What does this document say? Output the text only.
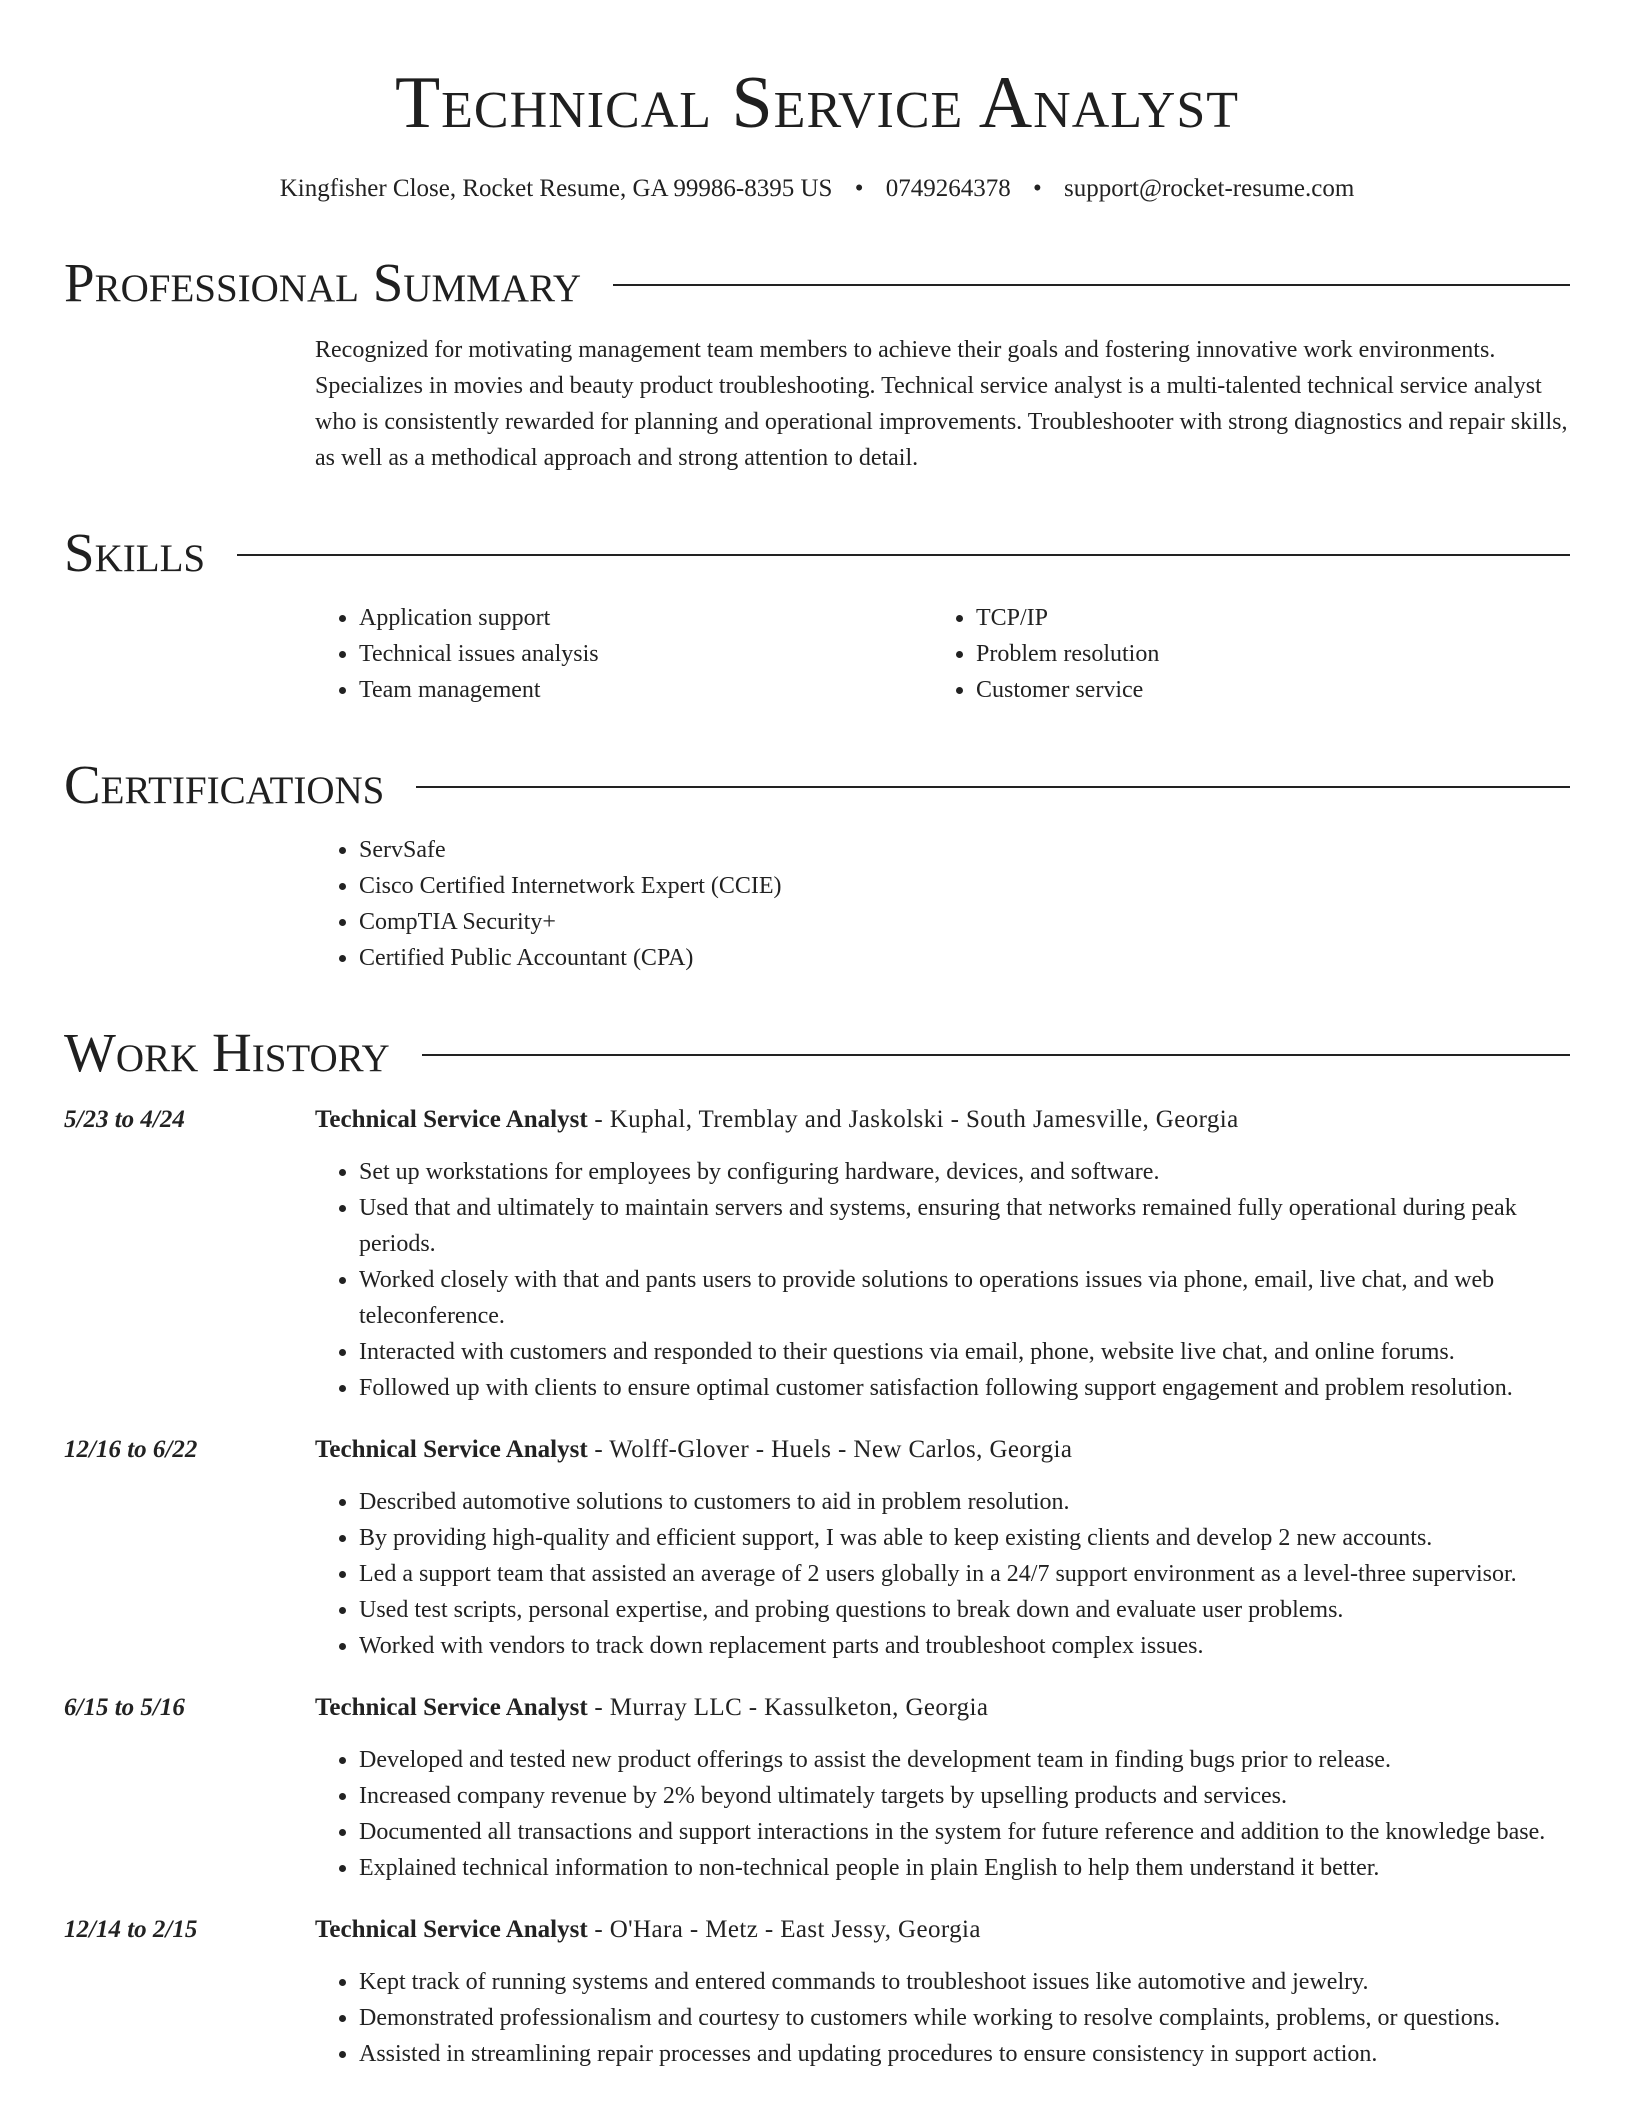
Technical Service Analyst
Kingfisher Close, Rocket Resume, GA 99986-8395 US • 0749264378 • support@rocket-resume.com
Professional Summary

Recognized for motivating management team members to achieve their goals and fostering innovative work environments. Specializes in movies and beauty product troubleshooting. Technical service analyst is a multi-talented technical service analyst who is consistently rewarded for planning and operational improvements. Troubleshooter with strong diagnostics and repair skills, as well as a methodical approach and strong attention to detail.

Skills
• Application support
• Technical issues analysis
• Team management
• TCP/IP
• Problem resolution
• Customer service
Certifications
• ServSafe
• Cisco Certified Internetwork Expert (CCIE)
• CompTIA Security+
• Certified Public Accountant (CPA)
Work History
5/23 to 4/24	Technical Service Analyst - Kuphal, Tremblay and Jaskolski - South Jamesville, Georgia
• Set up workstations for employees by configuring hardware, devices, and software.
• Used that and ultimately to maintain servers and systems, ensuring that networks remained fully operational during peak periods.
• Worked closely with that and pants users to provide solutions to operations issues via phone, email, live chat, and web teleconference.
• Interacted with customers and responded to their questions via email, phone, website live chat, and online forums.
• Followed up with clients to ensure optimal customer satisfaction following support engagement and problem resolution.
12/16 to 6/22	Technical Service Analyst - Wolff-Glover - Huels - New Carlos, Georgia
• Described automotive solutions to customers to aid in problem resolution.
• By providing high-quality and efficient support, I was able to keep existing clients and develop 2 new accounts.
• Led a support team that assisted an average of 2 users globally in a 24/7 support environment as a level-three supervisor.
• Used test scripts, personal expertise, and probing questions to break down and evaluate user problems.
• Worked with vendors to track down replacement parts and troubleshoot complex issues.
6/15 to 5/16	Technical Service Analyst - Murray LLC - Kassulketon, Georgia
• Developed and tested new product offerings to assist the development team in finding bugs prior to release.
• Increased company revenue by 2% beyond ultimately targets by upselling products and services.
• Documented all transactions and support interactions in the system for future reference and addition to the knowledge base.
• Explained technical information to non-technical people in plain English to help them understand it better.
12/14 to 2/15	Technical Service Analyst - O'Hara - Metz - East Jessy, Georgia
• Kept track of running systems and entered commands to troubleshoot issues like automotive and jewelry.
• Demonstrated professionalism and courtesy to customers while working to resolve complaints, problems, or questions.
• Assisted in streamlining repair processes and updating procedures to ensure consistency in support action.
